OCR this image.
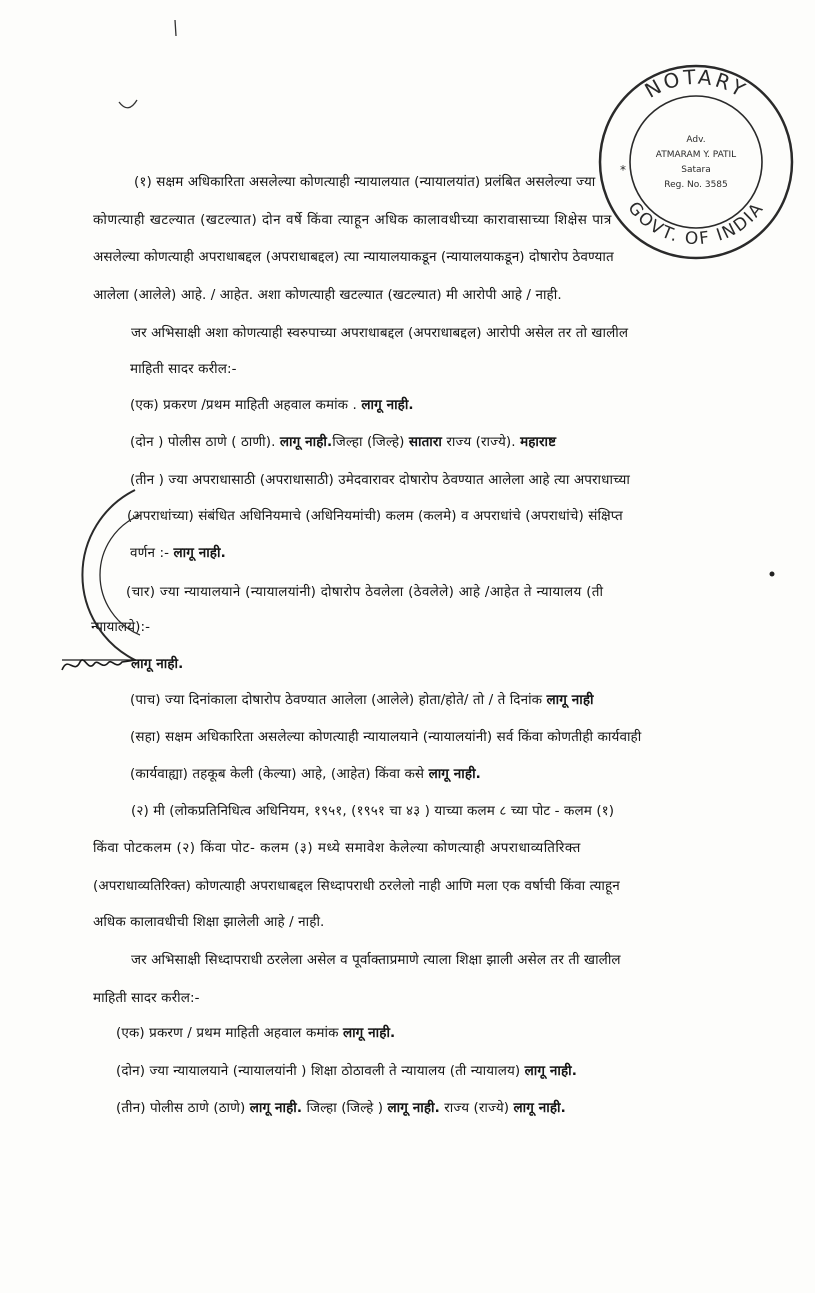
(१) सक्षम अधिकारिता असलेल्या कोणत्याही न्यायालयात (न्यायालयांत) प्रलंबित असलेल्या ज्या
कोणत्याही खटल्यात (खटल्यात) दोन वर्षे किंवा त्याहून अधिक कालावधीच्या कारावासाच्या शिक्षेस पात्र
असलेल्या कोणत्याही अपराधाबद्दल (अपराधाबद्दल) त्या न्यायालयाकडून (न्यायालयाकडून) दोषारोप ठेवण्यात
आलेला (आलेले) आहे. / आहेत. अशा कोणत्याही खटल्यात (खटल्यात) मी आरोपी आहे / नाही.
जर अभिसाक्षी अशा कोणत्याही स्वरुपाच्या अपराधाबद्दल (अपराधाबद्दल) आरोपी असेल तर तो खालील
माहिती सादर करील:-
(एक) प्रकरण /प्रथम माहिती अहवाल कमांक . लागू नाही.
(दोन ) पोलीस ठाणे ( ठाणी). लागू नाही.जिल्हा (जिल्हे) सातारा राज्य (राज्ये). महाराष्ट
(तीन ) ज्या अपराधासाठी (अपराधासाठी) उमेदवारावर दोषारोप ठेवण्यात आलेला आहे त्या अपराधाच्या
(अपराधांच्या) संबंधित अधिनियमाचे (अधिनियमांची) कलम (कलमे) व अपराधांचे (अपराधांचे) संक्षिप्त
वर्णन :- लागू नाही.
(चार) ज्या न्यायालयाने (न्यायालयांनी) दोषारोप ठेवलेला (ठेवलेले) आहे /आहेत ते न्यायालय (ती
न्यायालये):-
लागू नाही.
(पाच) ज्या दिनांकाला दोषारोप ठेवण्यात आलेला (आलेले) होता/होते/ तो / ते दिनांक लागू नाही
(सहा) सक्षम अधिकारिता असलेल्या कोणत्याही न्यायालयाने (न्यायालयांनी) सर्व किंवा कोणतीही कार्यवाही
(कार्यवाह्या) तहकूब केली (केल्या) आहे, (आहेत) किंवा कसे लागू नाही.
(२) मी (लोकप्रतिनिधित्व अधिनियम, १९५१, (१९५१ चा ४३ ) याच्या कलम ८ च्या पोट - कलम (१)
किंवा पोटकलम (२) किंवा पोट- कलम (३) मध्ये समावेश केलेल्या कोणत्याही अपराधाव्यतिरिक्त
(अपराधाव्यतिरिक्त) कोणत्याही अपराधाबद्दल सिध्दापराधी ठरलेलो नाही आणि मला एक वर्षाची किंवा त्याहून
अधिक कालावधीची शिक्षा झालेली आहे / नाही.
जर अभिसाक्षी सिध्दापराधी ठरलेला असेल व पूर्वाक्ताप्रमाणे त्याला शिक्षा झाली असेल तर ती खालील
माहिती सादर करील:-
(एक) प्रकरण / प्रथम माहिती अहवाल कमांक लागू नाही.
(दोन) ज्या न्यायालयाने (न्यायालयांनी ) शिक्षा ठोठावली ते न्यायालय (ती न्यायालय) लागू नाही.
(तीन) पोलीस ठाणे (ठाणे) लागू नाही. जिल्हा (जिल्हे ) लागू नाही. राज्य (राज्ये) लागू नाही.
NOTARY
GOVT. OF INDIA
Adv.
ATMARAM Y. PATIL
Satara
Reg. No. 3585
*
